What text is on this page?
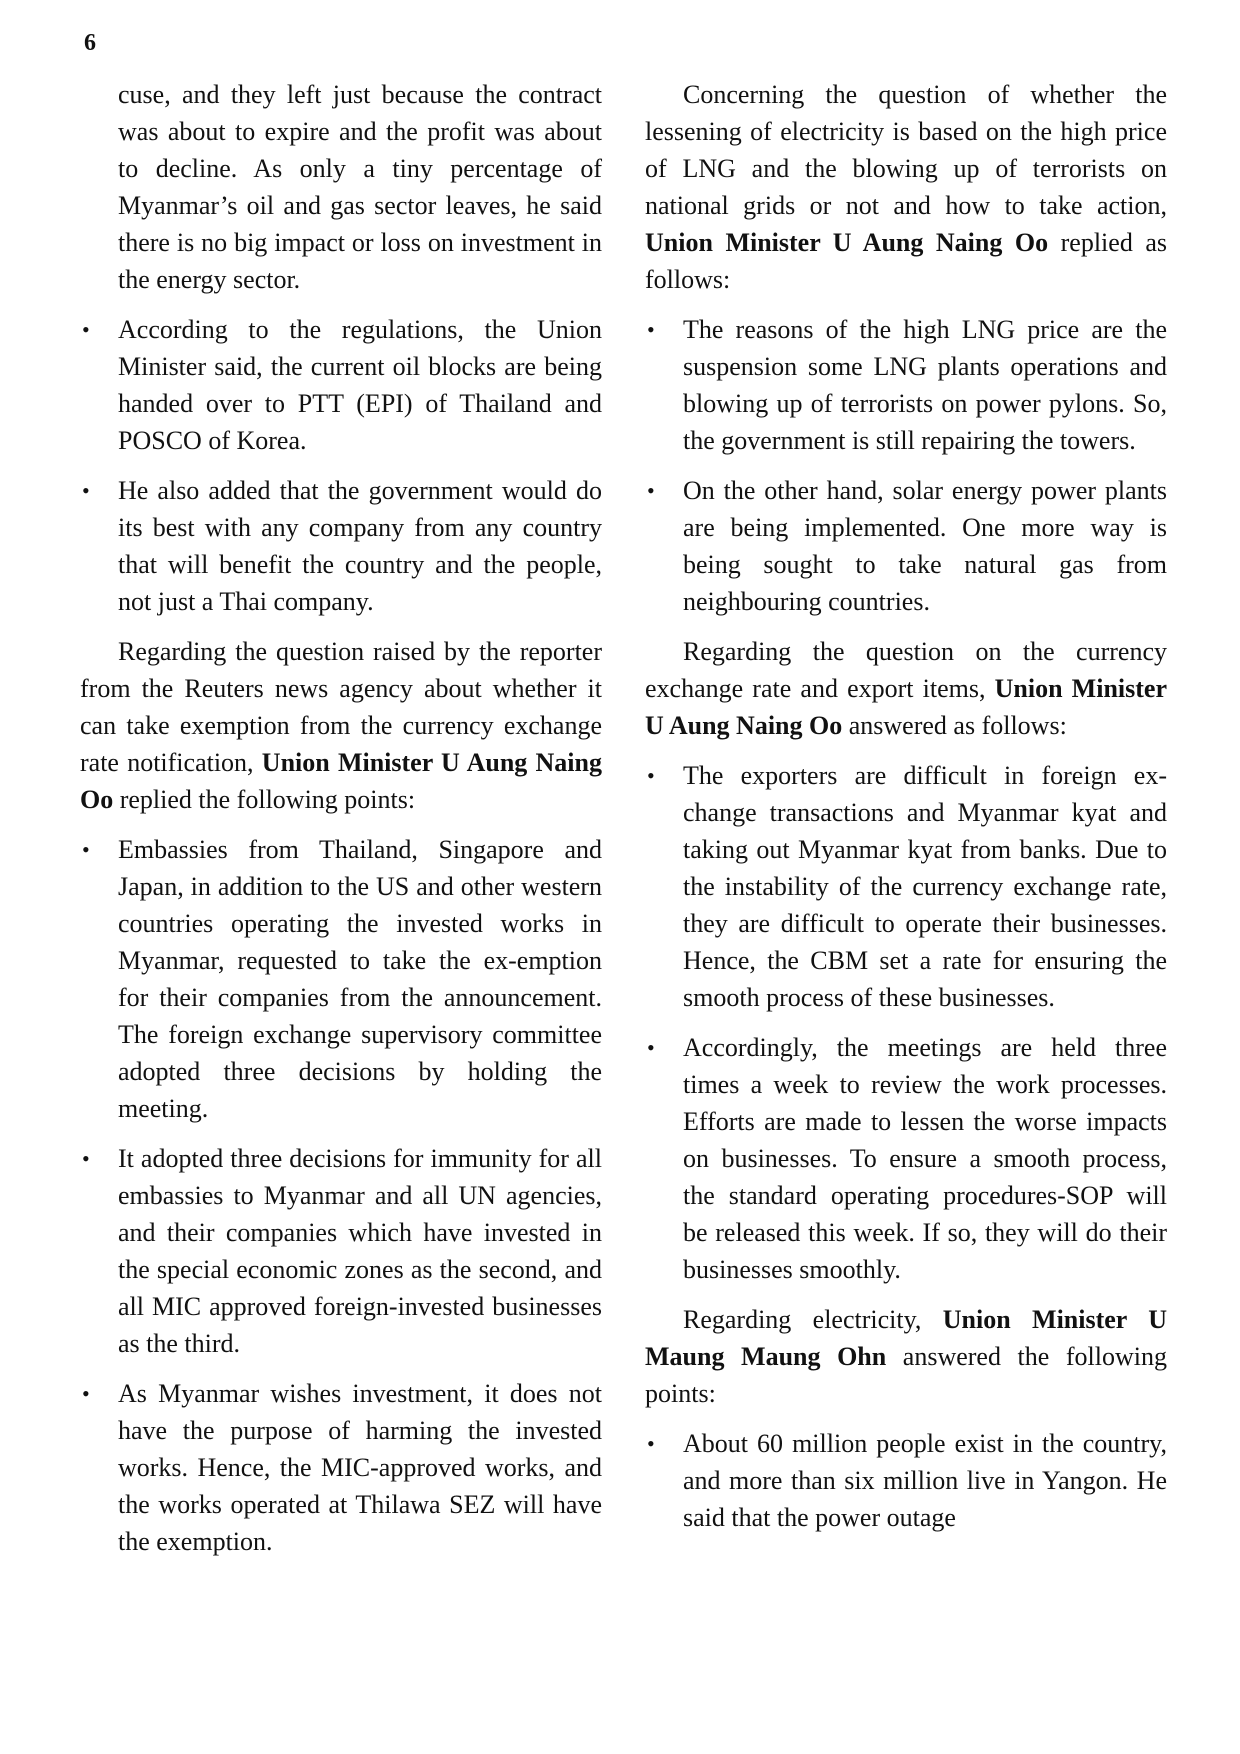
6

cuse, and they left just because the contract was about to expire and the profit was about to decline. As only a tiny percentage of Myanmar’s oil and gas sector leaves, he said there is no big impact or loss on investment in the energy sector.

• According to the regulations, the Union Minister said, the current oil blocks are being handed over to PTT (EPI) of Thailand and POSCO of Korea.
• He also added that the government would do its best with any company from any country that will benefit the country and the people, not just a Thai company.

Regarding the question raised by the reporter from the Reuters news agency about whether it can take exemption from the currency exchange rate notification, Union Minister U Aung Naing Oo replied the following points:

• Embassies from Thailand, Singapore and Japan, in addition to the US and other western countries operating the invested works in Myanmar, requested to take the ex-emption for their companies from the announcement. The foreign exchange supervisory committee adopted three decisions by holding the meeting.
• It adopted three decisions for immunity for all embassies to Myanmar and all UN agencies, and their companies which have invested in the special economic zones as the second, and all MIC approved foreign-invested businesses as the third.
• As Myanmar wishes investment, it does not have the purpose of harming the invested works. Hence, the MIC-approved works, and the works operated at Thilawa SEZ will have the exemption.

Concerning the question of whether the lessening of electricity is based on the high price of LNG and the blowing up of terrorists on national grids or not and how to take action, Union Minister U Aung Naing Oo replied as follows:

• The reasons of the high LNG price are the suspension some LNG plants operations and blowing up of terrorists on power pylons. So, the government is still repairing the towers.
• On the other hand, solar energy power plants are being implemented. One more way is being sought to take natural gas from neighbouring countries.

Regarding the question on the currency exchange rate and export items, Union Minister U Aung Naing Oo answered as follows:

• The exporters are difficult in foreign exchange transactions and Myanmar kyat and taking out Myanmar kyat from banks. Due to the instability of the currency exchange rate, they are difficult to operate their businesses. Hence, the CBM set a rate for ensuring the smooth process of these businesses.
• Accordingly, the meetings are held three times a week to review the work processes. Efforts are made to lessen the worse impacts on businesses. To ensure a smooth process, the standard operating procedures-SOP will be released this week. If so, they will do their businesses smoothly.

Regarding electricity, Union Minister U Maung Maung Ohn answered the following points:

• About 60 million people exist in the country, and more than six million live in Yangon. He said that the power outage
